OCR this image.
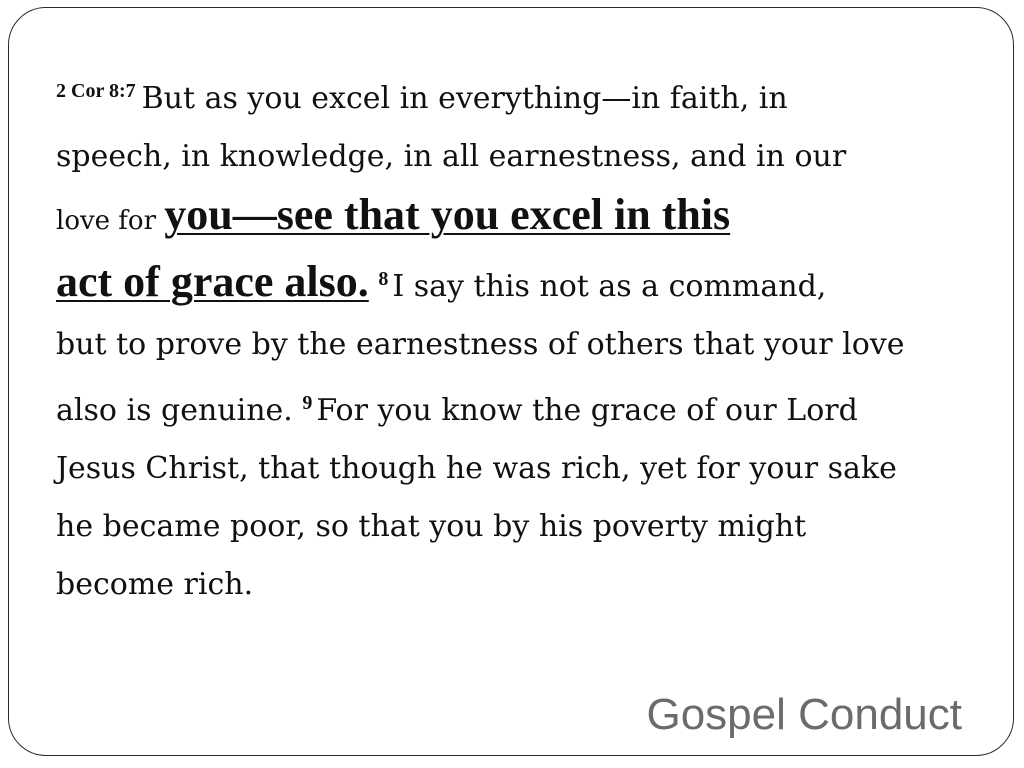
$^{2 Cor 8:7}$ But as you excel in everything—in faith, in
speech, in knowledge, in all earnestness, and in our
love for you—see that you excel in this
act of grace also. $^8$ I say this not as a command,
but to prove by the earnestness of others that your love
also is genuine. $^9$ For you know the grace of our Lord
Jesus Christ, that though he was rich, yet for your sake
he became poor, so that you by his poverty might
become rich.
Gospel Conduct
